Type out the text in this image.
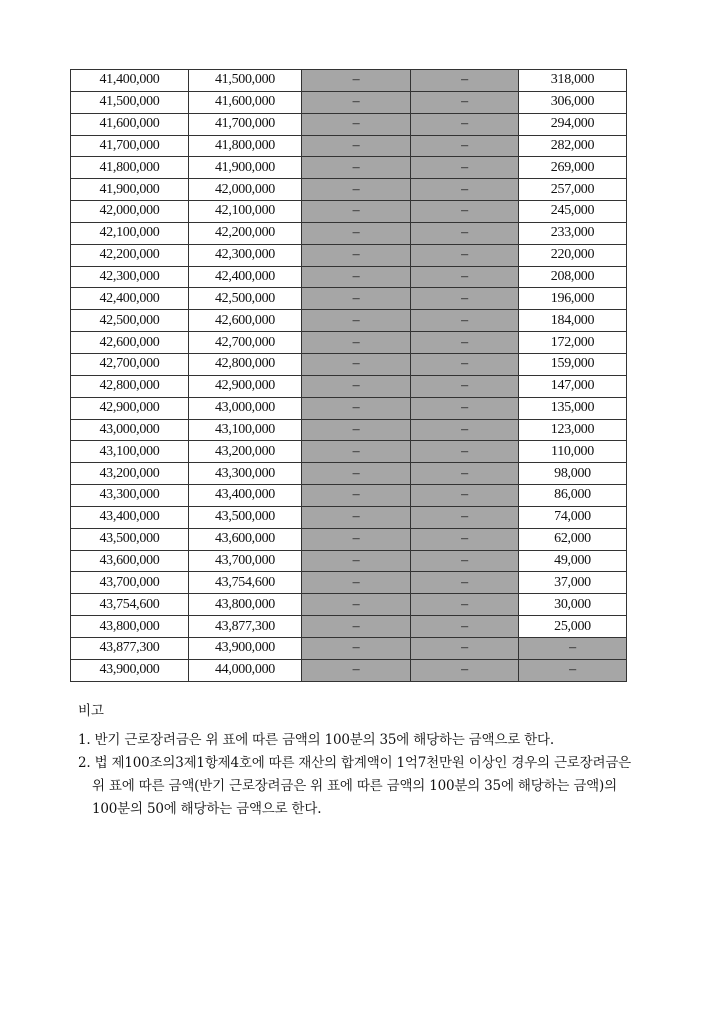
41,400,000	41,500,000	–	–	318,000
41,500,000	41,600,000	–	–	306,000
41,600,000	41,700,000	–	–	294,000
41,700,000	41,800,000	–	–	282,000
41,800,000	41,900,000	–	–	269,000
41,900,000	42,000,000	–	–	257,000
42,000,000	42,100,000	–	–	245,000
42,100,000	42,200,000	–	–	233,000
42,200,000	42,300,000	–	–	220,000
42,300,000	42,400,000	–	–	208,000
42,400,000	42,500,000	–	–	196,000
42,500,000	42,600,000	–	–	184,000
42,600,000	42,700,000	–	–	172,000
42,700,000	42,800,000	–	–	159,000
42,800,000	42,900,000	–	–	147,000
42,900,000	43,000,000	–	–	135,000
43,000,000	43,100,000	–	–	123,000
43,100,000	43,200,000	–	–	110,000
43,200,000	43,300,000	–	–	98,000
43,300,000	43,400,000	–	–	86,000
43,400,000	43,500,000	–	–	74,000
43,500,000	43,600,000	–	–	62,000
43,600,000	43,700,000	–	–	49,000
43,700,000	43,754,600	–	–	37,000
43,754,600	43,800,000	–	–	30,000
43,800,000	43,877,300	–	–	25,000
43,877,300	43,900,000	–	–	–
43,900,000	44,000,000	–	–	–

비고

1. 반기 근로장려금은 위 표에 따른 금액의 100분의 35에 해당하는 금액으로 한다.

2. 법 제100조의3제1항제4호에 따른 재산의 합계액이 1억7천만원 이상인 경우의 근로장려금은 위 표에 따른 금액(반기 근로장려금은 위 표에 따른 금액의 100분의 35에 해당하는 금액)의 100분의 50에 해당하는 금액으로 한다.
